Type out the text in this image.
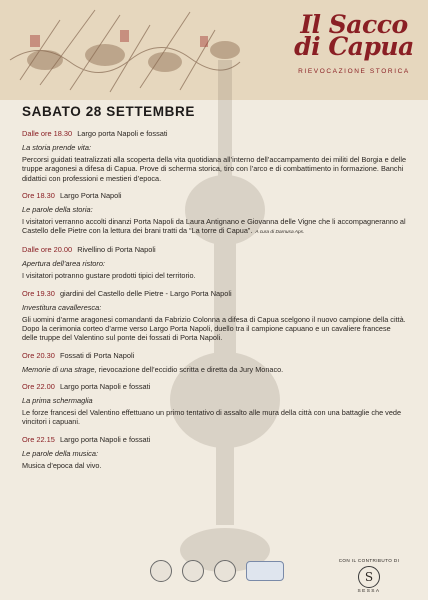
Il Sacco
di Capua
RIEVOCAZIONE STORICA
SABATO 28 SETTEMBRE
Dalle ore 18.30 Largo porta Napoli e fossati
La storia prende vita:
Percorsi guidati teatralizzati alla scoperta della vita quotidiana all’interno dell’accampamento dei militi del Borgia e delle truppe aragonesi a difesa di Capua. Prove di scherma storica, tiro con l’arco e di combattimento in formazione. Banchi didattici con professioni e mestieri d’epoca.
Ore 18.30 Largo Porta Napoli
Le parole della storia:
I visitatori verranno accolti dinanzi Porta Napoli da Laura Antignano e Giovanna delle Vigne che li accompagneranno al Castello delle Pietre con la lettura dei brani tratti da “La torre di Capua”. A cura di Darnusa Aps.
Dalle ore 20.00 Rivellino di Porta Napoli
Apertura dell’area ristoro:
I visitatori potranno gustare prodotti tipici del territorio.
Ore 19.30 giardini del Castello delle Pietre - Largo Porta Napoli
Investitura cavalleresca:
Gli uomini d’arme aragonesi comandanti da Fabrizio Colonna a difesa di Capua scelgono il nuovo campione della città. Dopo la cerimonia corteo d’arme verso Largo Porta Napoli, duello tra il campione capuano e un cavaliere francese delle truppe del Valentino sul ponte dei fossati di Porta Napoli.
Ore 20.30 Fossati di Porta Napoli
Memorie di una strage, rievocazione dell’eccidio scritta e diretta da Jury Monaco.
Ore 22.00 Largo porta Napoli e fossati
La prima schermaglia
Le forze francesi del Valentino effettuano un primo tentativo di assalto alle mura della città con una battaglie che vede vincitori i capuani.
Ore 22.15 Largo porta Napoli e fossati
Le parole della musica:
Musica d’epoca dal vivo.
CON IL CONTRIBUTO DI
S
SESSA
